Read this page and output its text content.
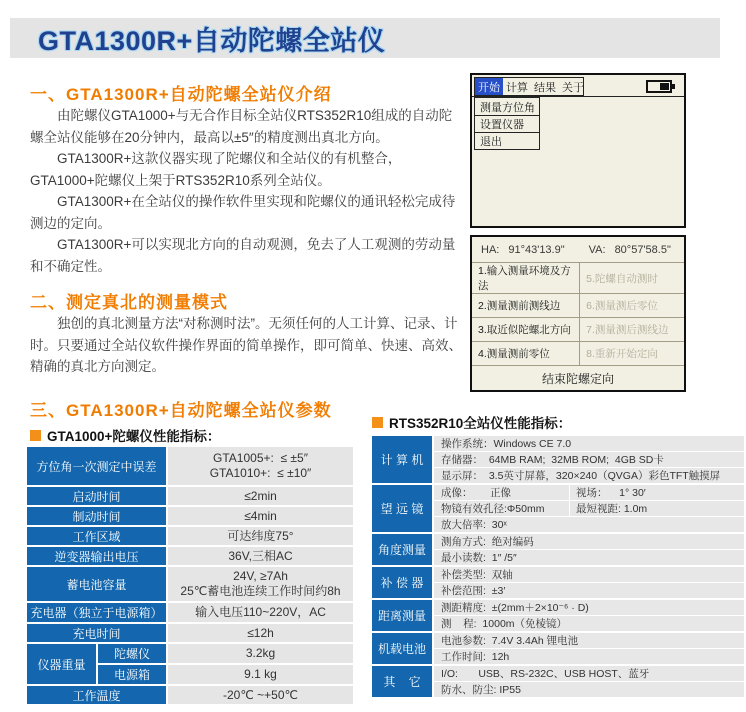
GTA1300R+自动陀螺全站仪
一、GTA1300R+自动陀螺全站仪介绍

由陀螺仪GTA1000+与无合作目标全站仪RTS352R10组成的自动陀螺全站仪能够在20分钟内，最高以±5″的精度测出真北方向。

GTA1300R+这款仪器实现了陀螺仪和全站仪的有机整合，GTA1000+陀螺仪上架于RTS352R10系列全站仪。

GTA1300R+在全站仪的操作软件里实现和陀螺仪的通讯轻松完成待测边的定向。

GTA1300R+可以实现北方向的自动观测，免去了人工观测的劳动量和不确定性。

二、测定真北的测量模式

独创的真北测量方法“对称测时法”。无须任何的人工计算、记录、计时。只要通过全站仪软件操作界面的简单操作，即可简单、快速、高效、精确的真北方向测定。

三、GTA1300R+自动陀螺全站仪参数
开始 计算 结果 关于
测量方位角
设置仪器
退出
HA: 91°43'13.9" VA: 80°57'58.5"
1.输入测量环境及方法
5.陀螺自动测时
2.测量测前测线边	6.测量测后零位
3.取近似陀螺北方向	7.测量测后测线边
4.测量测前零位	8.重新开始定向
结束陀螺定向
GTA1000+陀螺仪性能指标：
方位角一次测定中误差
GTA1005+:  ≤ ±5″
GTA1010+:  ≤ ±10″
启动时间	≤2min
制动时间	≤4min
工作区域	可达纬度75°
逆变器输出电压	36V,三相AC
蓄电池容量
24V, ≥7Ah
25℃蓄电池连续工作时间约8h
充电器（独立于电源箱）	输入电压110~220V，AC
充电时间	≤12h
仪器重量
陀螺仪	3.2kg
电源箱	9.1 kg
工作温度	-20℃ ~+50℃
RTS352R10全站仪性能指标：
计 算 机
操作系统：Windows CE 7.0
存储器：  64MB RAM;  32MB ROM;  4GB SD卡
显示屏：  3.5英寸屏幕，320×240（QVGA）彩色TFT触摸屏
望 远 镜
成像：      正像	视场：    1° 30′
物镜有效孔径:Φ50mm	最短视距: 1.0m
放大倍率:  30ˣ
角度测量
测角方式:  绝对编码
最小读数:  1″ /5″
补 偿 器
补偿类型:  双轴
补偿范围:  ±3′
距离测量
测距精度:  ±(2mm＋2×10⁻⁶ · D)
测    程:  1000m（免棱镜）
机载电池
电池参数:  7.4V 3.4Ah 锂电池
工作时间:  12h
其    它
I/O:       USB、RS-232C、USB HOST、蓝牙
防水、防尘: IP55
